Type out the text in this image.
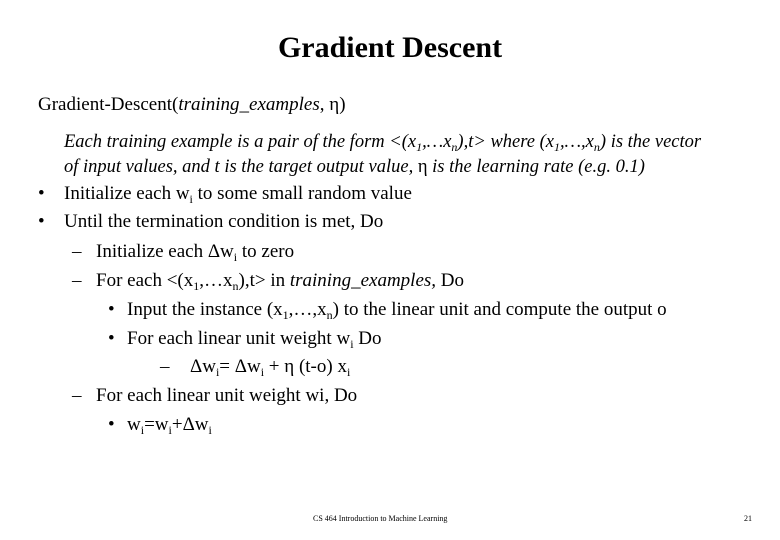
Gradient Descent
Gradient-Descent(training_examples, η)
Each training example is a pair of the form $<(x_1,\dots x_n),t>$ where $(x_1,\dots,x_n)$ is the vector
of input values, and t is the target output value, η is the learning rate (e.g. 0.1)
• Initialize each $w_i$ to some small random value
• Until the termination condition is met, Do
– Initialize each $\Delta w_i$ to zero
– For each $<(x_1,\dots x_n),t>$ in training_examples, Do
• Input the instance $(x_1,\dots,x_n)$ to the linear unit and compute the output o
• For each linear unit weight $w_i$ Do
– $\Delta w_i= \Delta w_i + \eta$ (t-o) $x_i$
– For each linear unit weight wi, Do
• $w_i=w_i+\Delta w_i$
CS 464 Introduction to Machine Learning	21
